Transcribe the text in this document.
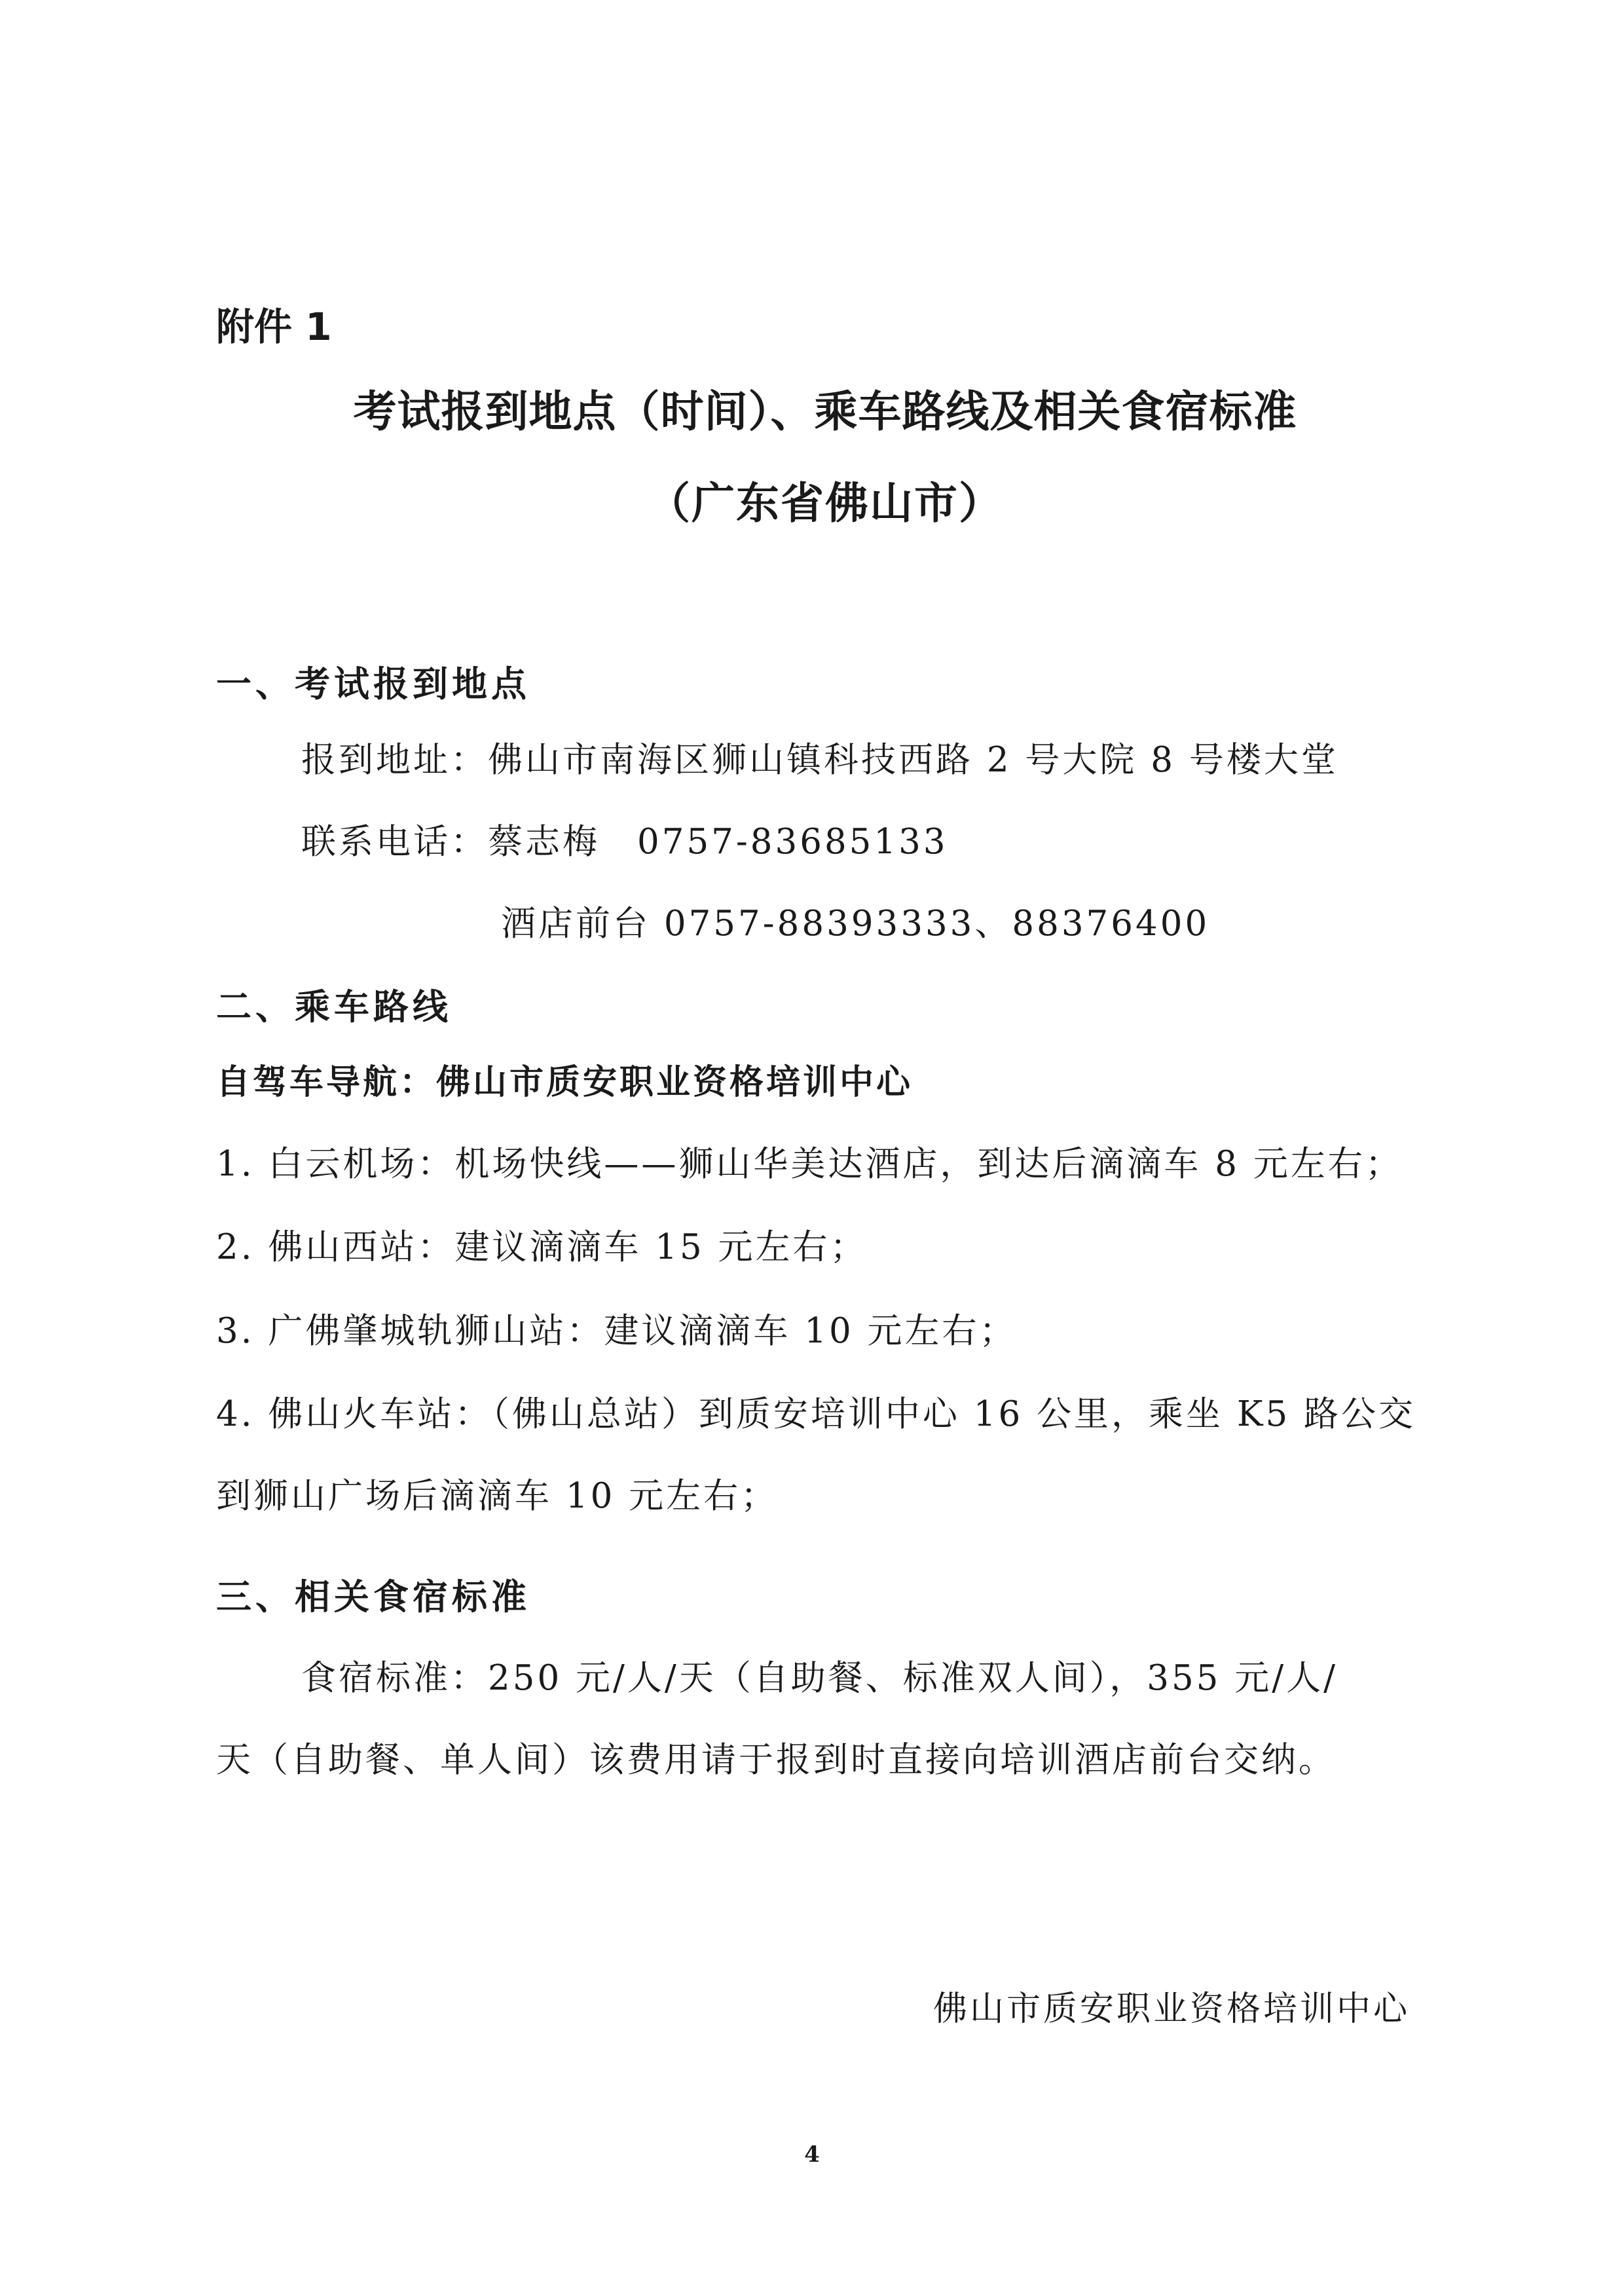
附件 1
考试报到地点（时间）、乘车路线及相关食宿标准
（广东省佛山市）
一、考试报到地点
报到地址：佛山市南海区狮山镇科技西路 2 号大院 8 号楼大堂
联系电话：蔡志梅　0757-83685133
酒店前台 0757-88393333、88376400
二、乘车路线
自驾车导航：佛山市质安职业资格培训中心
1. 白云机场：机场快线——狮山华美达酒店，到达后滴滴车 8 元左右；
2. 佛山西站：建议滴滴车 15 元左右；
3. 广佛肇城轨狮山站：建议滴滴车 10 元左右；
4. 佛山火车站：（佛山总站）到质安培训中心 16 公里，乘坐 K5 路公交
到狮山广场后滴滴车 10 元左右；
三、相关食宿标准
食宿标准：250 元/人/天（自助餐、标准双人间），355 元/人/
天（自助餐、单人间）该费用请于报到时直接向培训酒店前台交纳。
佛山市质安职业资格培训中心
4
